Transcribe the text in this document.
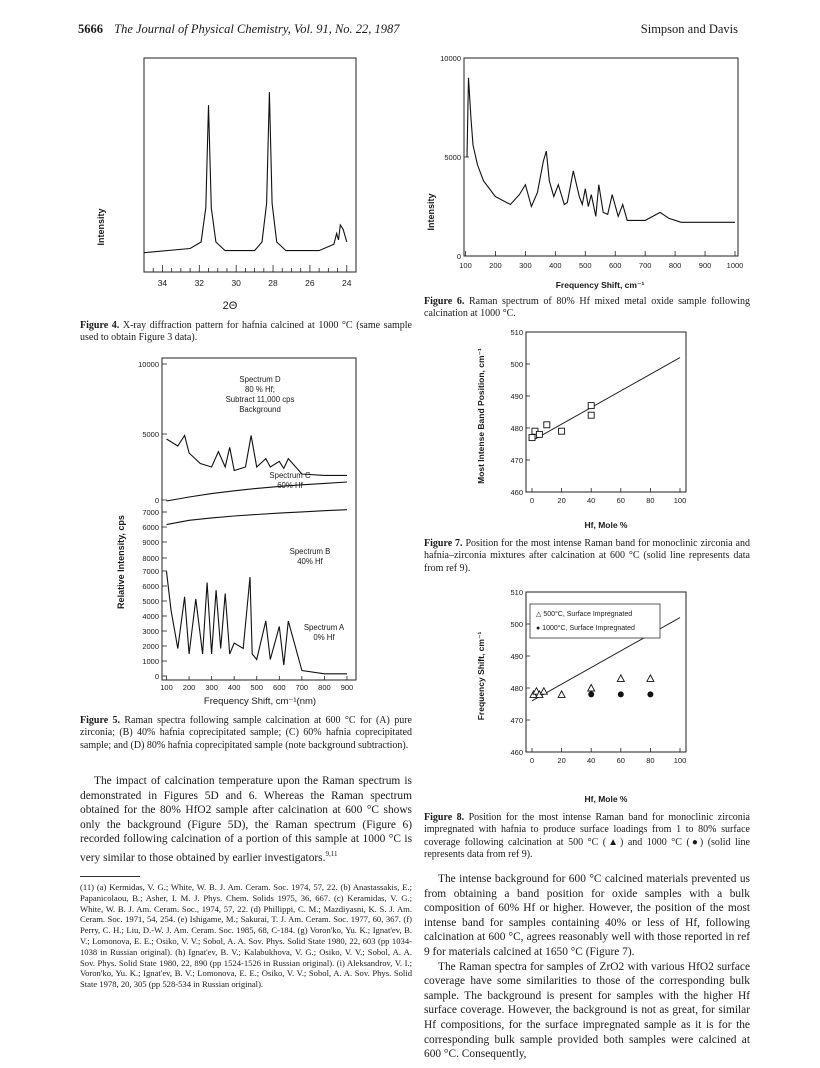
5666 The Journal of Physical Chemistry, Vol. 91, No. 22, 1987	Simpson and Davis
Intensity
34	32	30	28	26	24
2Θ
Figure 4. X-ray diffraction pattern for hafnia calcined at 1000 °C (same sample used to obtain Figure 3 data).
Relative Intensity, cps
10000
5000
0
7000
6000
9000
8000
7000
6000
5000
4000
3000
2000
1000
0
100 200 300 400 500 600 700 800 900
Spectrum D
80 % Hf;
Subtract 11,000 cps
Background
Spectrum C
60% Hf
Spectrum B
40% Hf
Spectrum A
0% Hf
Frequency Shift, cm⁻¹(nm)
Figure 5. Raman spectra following sample calcination at 600 °C for (A) pure zirconia; (B) 40% hafnia coprecipitated sample; (C) 60% hafnia coprecipitated sample; and (D) 80% hafnia coprecipitated sample (note background subtraction).

The impact of calcination temperature upon the Raman spectrum is demonstrated in Figures 5D and 6. Whereas the Raman spectrum obtained for the 80% HfO2 sample after calcination at 600 °C shows only the background (Figure 5D), the Raman spectrum (Figure 6) recorded following calcination of a portion of this sample at 1000 °C is very similar to those obtained by earlier investigators.$^{9,11}$

(11) (a) Kermidas, V. G.; White, W. B. J. Am. Ceram. Soc. 1974, 57, 22. (b) Anastassakis, E.; Papanicolaou, B.; Asher, I. M. J. Phys. Chem. Solids 1975, 36, 667. (c) Keramidas, V. G.; White, W. B. J. Am. Ceram. Soc., 1974, 57, 22. (d) Phillippi, C. M.; Mazdiyasni, K. S. J. Am. Ceram. Soc. 1971, 54, 254. (e) Ishigame, M.; Sakurai, T. J. Am. Ceram. Soc. 1977, 60, 367. (f) Perry, C. H.; Liu, D.-W. J. Am. Ceram. Soc. 1985, 68, C-184. (g) Voron'ko, Yu. K.; Ignat'ev, B. V.; Lomonova, E. E.; Osiko, V. V.; Sobol, A. A. Sov. Phys. Solid State 1980, 22, 603 (pp 1034-1038 in Russian original). (h) Ignat'ev, B. V.; Kalabukhova, V. G.; Osiko, V. V.; Sobol, A. A. Sov. Phys. Solid State 1980, 22, 890 (pp 1524-1526 in Russian original). (i) Aleksandrov, V. I.; Voron'ko, Yu. K.; Ignat'ev, B. V.; Lomonova, E. E.; Osiko, V. V.; Sobol, A. A. Sov. Phys. Solid State 1978, 20, 305 (pp 528-534 in Russian original).
Intensity
100 200 300 400 500 600 700 800 900 1000
10000
5000
0
Frequency Shift, cm⁻¹
Figure 6. Raman spectrum of 80% Hf mixed metal oxide sample following calcination at 1000 °C.
Most Intense Band Position, cm⁻¹
0	20	40	60	80	100
510
500
490
480
470
460
Hf, Mole %
Figure 7. Position for the most intense Raman band for monoclinic zirconia and hafnia–zirconia mixtures after calcination at 600 °C (solid line represents data from ref 9).
Frequency Shift, cm⁻¹
0	20	40	60	80	100
510
500
490
480
470
460
△ 500°C, Surface Impregnated
● 1000°C, Surface Impregnated
Hf, Mole %
Figure 8. Position for the most intense Raman band for monoclinic zirconia impregnated with hafnia to produce surface loadings from 1 to 80% surface coverage following calcination at 500 °C (▲) and 1000 °C (●) (solid line represents data from ref 9).

The intense background for 600 °C calcined materials prevented us from obtaining a band position for oxide samples with a bulk composition of 60% Hf or higher. However, the position of the most intense band for samples containing 40% or less of Hf, following calcination at 600 °C, agrees reasonably well with those reported in ref 9 for materials calcined at 1650 °C (Figure 7).

The Raman spectra for samples of ZrO2 with various HfO2 surface coverage have some similarities to those of the corresponding bulk sample. The background is present for samples with the higher Hf surface coverage. However, the background is not as great, for similar Hf compositions, for the surface impregnated sample as it is for the corresponding bulk sample provided both samples were calcined at 600 °C. Consequently,
